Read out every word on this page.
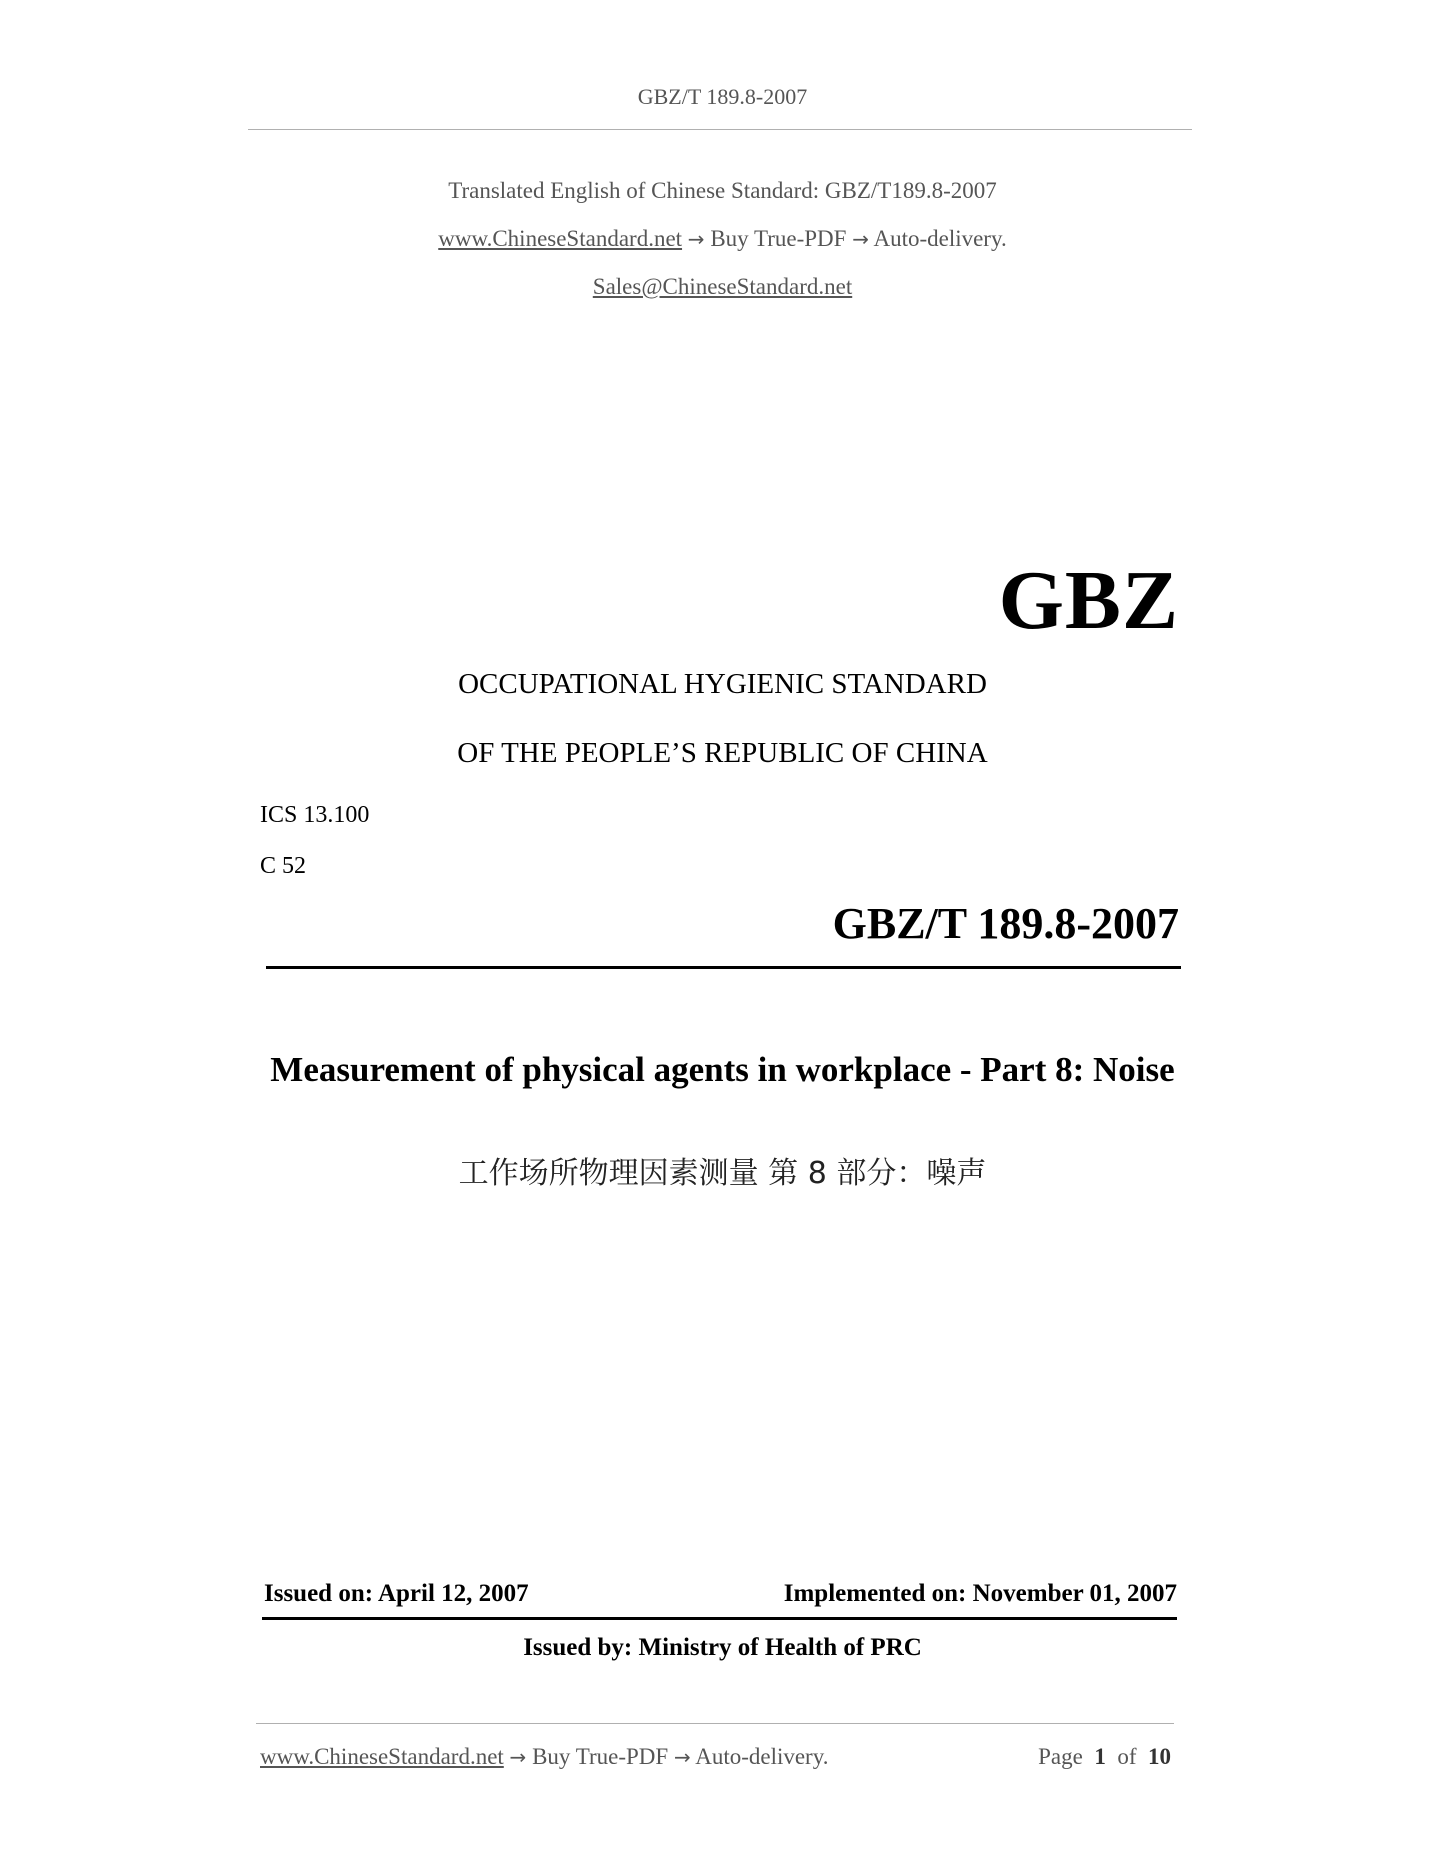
GBZ/T 189.8-2007
Translated English of Chinese Standard: GBZ/T189.8-2007
www.ChineseStandard.net → Buy True-PDF → Auto-delivery.
Sales@ChineseStandard.net
GBZ
OCCUPATIONAL HYGIENIC STANDARD
OF THE PEOPLE’S REPUBLIC OF CHINA
ICS 13.100
C 52
GBZ/T 189.8-2007
Measurement of physical agents in workplace - Part 8: Noise
工作场所物理因素测量 第 8 部分：噪声
Issued on: April 12, 2007	Implemented on: November 01, 2007
Issued by: Ministry of Health of PRC
www.ChineseStandard.net → Buy True-PDF → Auto-delivery.	Page 1 of 10
